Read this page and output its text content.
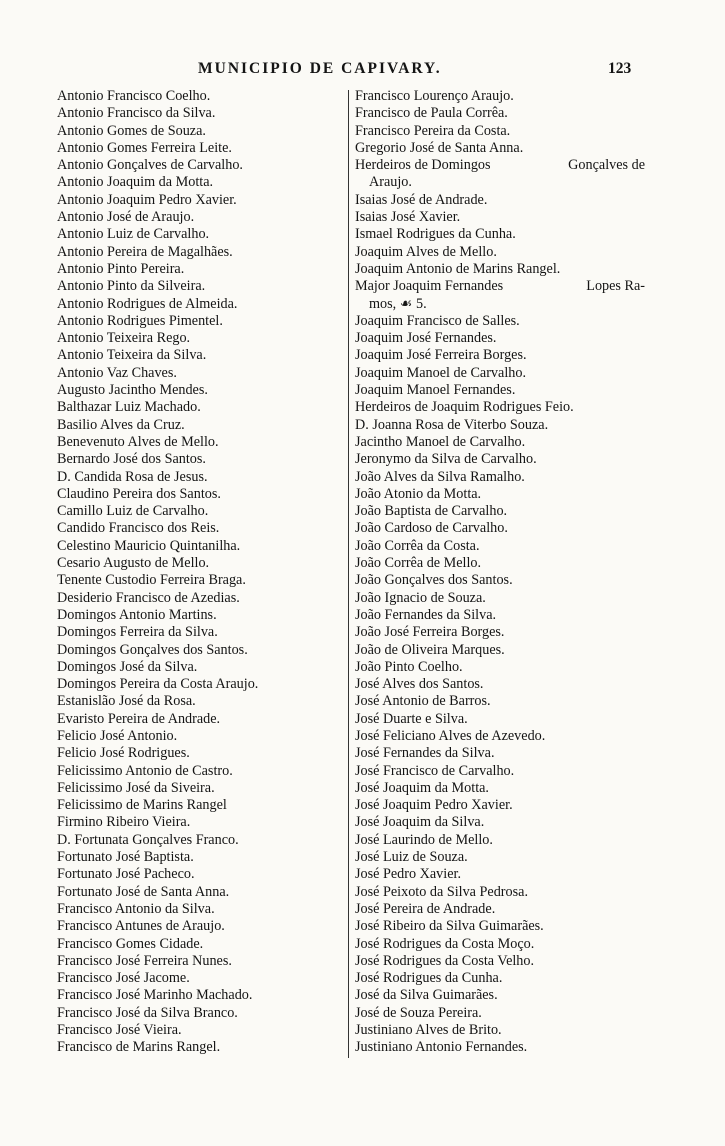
MUNICIPIO DE CAPIVARY.	123
Antonio Francisco Coelho.
Antonio Francisco da Silva.
Antonio Gomes de Souza.
Antonio Gomes Ferreira Leite.
Antonio Gonçalves de Carvalho.
Antonio Joaquim da Motta.
Antonio Joaquim Pedro Xavier.
Antonio José de Araujo.
Antonio Luiz de Carvalho.
Antonio Pereira de Magalhães.
Antonio Pinto Pereira.
Antonio Pinto da Silveira.
Antonio Rodrigues de Almeida.
Antonio Rodrigues Pimentel.
Antonio Teixeira Rego.
Antonio Teixeira da Silva.
Antonio Vaz Chaves.
Augusto Jacintho Mendes.
Balthazar Luiz Machado.
Basilio Alves da Cruz.
Benevenuto Alves de Mello.
Bernardo José dos Santos.
D. Candida Rosa de Jesus.
Claudino Pereira dos Santos.
Camillo Luiz de Carvalho.
Candido Francisco dos Reis.
Celestino Mauricio Quintanilha.
Cesario Augusto de Mello.
Tenente Custodio Ferreira Braga.
Desiderio Francisco de Azedias.
Domingos Antonio Martins.
Domingos Ferreira da Silva.
Domingos Gonçalves dos Santos.
Domingos José da Silva.
Domingos Pereira da Costa Araujo.
Estanislão José da Rosa.
Evaristo Pereira de Andrade.
Felicio José Antonio.
Felicio José Rodrigues.
Felicissimo Antonio de Castro.
Felicissimo José da Siveira.
Felicissimo de Marins Rangel
Firmino Ribeiro Vieira.
D. Fortunata Gonçalves Franco.
Fortunato José Baptista.
Fortunato José Pacheco.
Fortunato José de Santa Anna.
Francisco Antonio da Silva.
Francisco Antunes de Araujo.
Francisco Gomes Cidade.
Francisco José Ferreira Nunes.
Francisco José Jacome.
Francisco José Marinho Machado.
Francisco José da Silva Branco.
Francisco José Vieira.
Francisco de Marins Rangel.
Francisco Lourenço Araujo.
Francisco de Paula Corrêa.
Francisco Pereira da Costa.
Gregorio José de Santa Anna.
Herdeiros de Domingos	Gonçalves de
Araujo.
Isaias José de Andrade.
Isaias José Xavier.
Ismael Rodrigues da Cunha.
Joaquim Alves de Mello.
Joaquim Antonio de Marins Rangel.
Major Joaquim Fernandes	Lopes Ra-
mos, ☙ 5.
Joaquim Francisco de Salles.
Joaquim José Fernandes.
Joaquim José Ferreira Borges.
Joaquim Manoel de Carvalho.
Joaquim Manoel Fernandes.
Herdeiros de Joaquim Rodrigues Feio.
D. Joanna Rosa de Viterbo Souza.
Jacintho Manoel de Carvalho.
Jeronymo da Silva de Carvalho.
João Alves da Silva Ramalho.
João Atonio da Motta.
João Baptista de Carvalho.
João Cardoso de Carvalho.
João Corrêa da Costa.
João Corrêa de Mello.
João Gonçalves dos Santos.
João Ignacio de Souza.
João Fernandes da Silva.
João José Ferreira Borges.
João de Oliveira Marques.
João Pinto Coelho.
José Alves dos Santos.
José Antonio de Barros.
José Duarte e Silva.
José Feliciano Alves de Azevedo.
José Fernandes da Silva.
José Francisco de Carvalho.
José Joaquim da Motta.
José Joaquim Pedro Xavier.
José Joaquim da Silva.
José Laurindo de Mello.
José Luiz de Souza.
José Pedro Xavier.
José Peixoto da Silva Pedrosa.
José Pereira de Andrade.
José Ribeiro da Silva Guimarães.
José Rodrigues da Costa Moço.
José Rodrigues da Costa Velho.
José Rodrigues da Cunha.
José da Silva Guimarães.
José de Souza Pereira.
Justiniano Alves de Brito.
Justiniano Antonio Fernandes.
